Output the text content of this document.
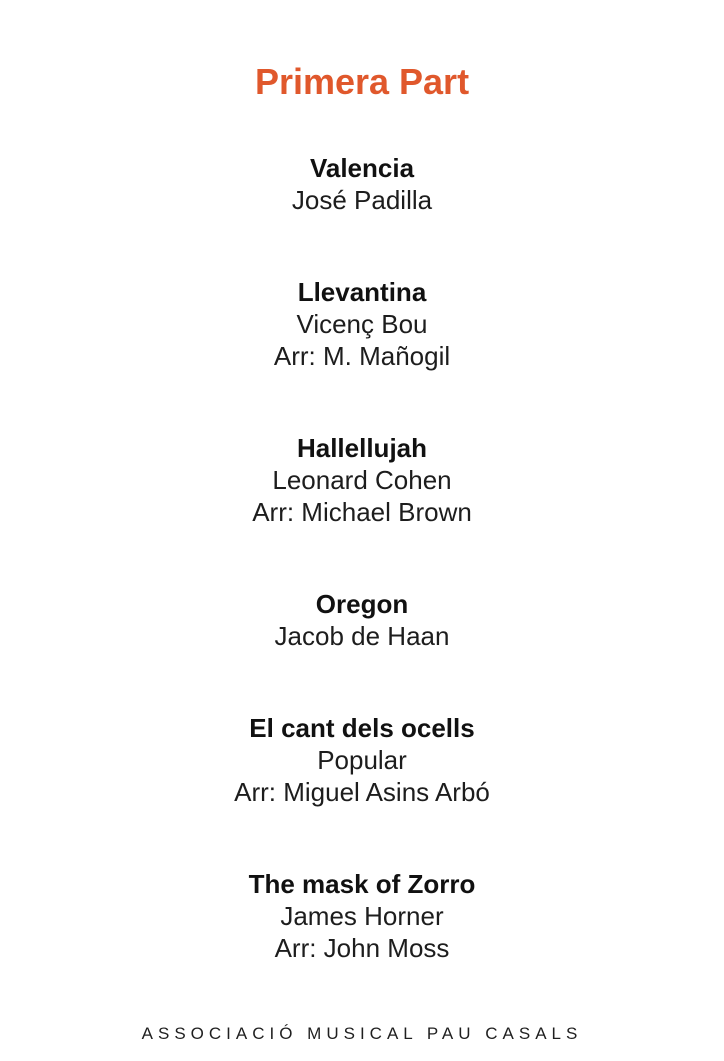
Primera Part
Valencia
José Padilla
Llevantina
Vicenç Bou
Arr: M. Mañogil
Hallellujah
Leonard Cohen
Arr: Michael Brown
Oregon
Jacob de Haan
El cant dels ocells
Popular
Arr: Miguel Asins Arbó
The mask of Zorro
James Horner
Arr: John Moss
ASSOCIACIÓ MUSICAL PAU CASALS
